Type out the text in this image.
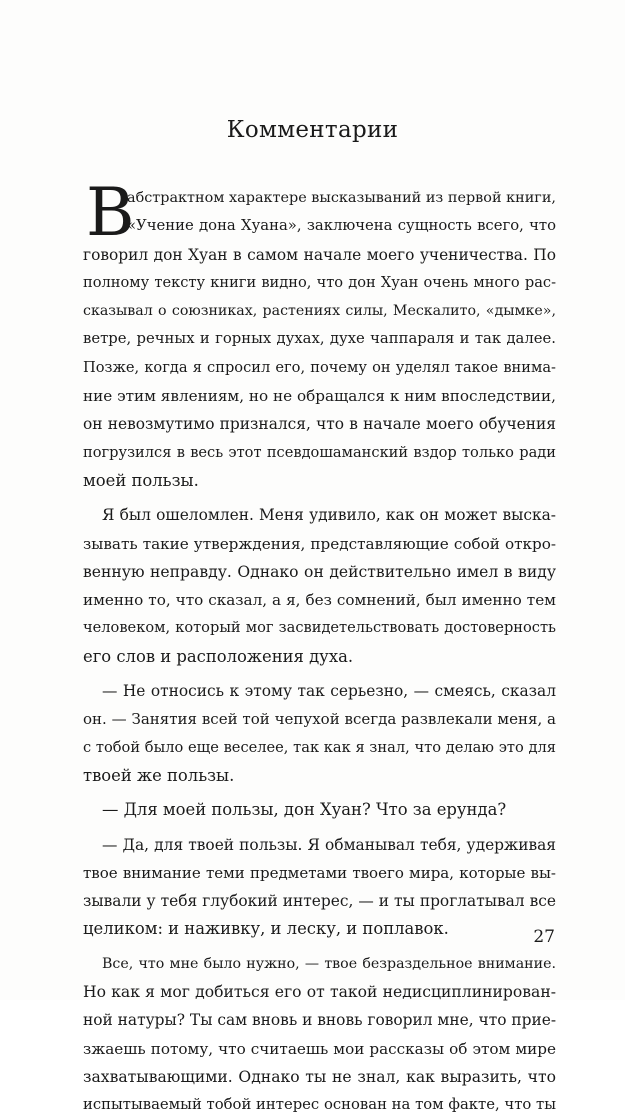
Комментарии
В
абстрактном характере высказываний из первой книги,
«Учение дона Хуана», заключена сущность всего, что
говорил дон Хуан в самом начале моего ученичества. По
полному тексту книги видно, что дон Хуан очень много рас-
сказывал о союзниках, растениях силы, Мескалито, «дымке»,
ветре, речных и горных духах, духе чаппараля и так далее.
Позже, когда я спросил его, почему он уделял такое внима-
ние этим явлениям, но не обращался к ним впоследствии,
он невозмутимо признался, что в начале моего обучения
погрузился в весь этот псевдошаманский вздор только ради
моей пользы.
Я был ошеломлен. Меня удивило, как он может выска-
зывать такие утверждения, представляющие собой откро-
венную неправду. Однако он действительно имел в виду
именно то, что сказал, а я, без сомнений, был именно тем
человеком, который мог засвидетельствовать достоверность
его слов и расположения духа.
— Не относись к этому так серьезно, — смеясь, сказал
он. — Занятия всей той чепухой всегда развлекали меня, а
с тобой было еще веселее, так как я знал, что делаю это для
твоей же пользы.
— Для моей пользы, дон Хуан? Что за ерунда?
— Да, для твоей пользы. Я обманывал тебя, удерживая
твое внимание теми предметами твоего мира, которые вы-
зывали у тебя глубокий интерес, — и ты проглатывал все
целиком: и наживку, и леску, и поплавок.
Все, что мне было нужно, — твое безраздельное внимание.
Но как я мог добиться его от такой недисциплинирован-
ной натуры? Ты сам вновь и вновь говорил мне, что прие-
зжаешь потому, что считаешь мои рассказы об этом мире
захватывающими. Однако ты не знал, как выразить, что
испытываемый тобой интерес основан на том факте, что ты
27
